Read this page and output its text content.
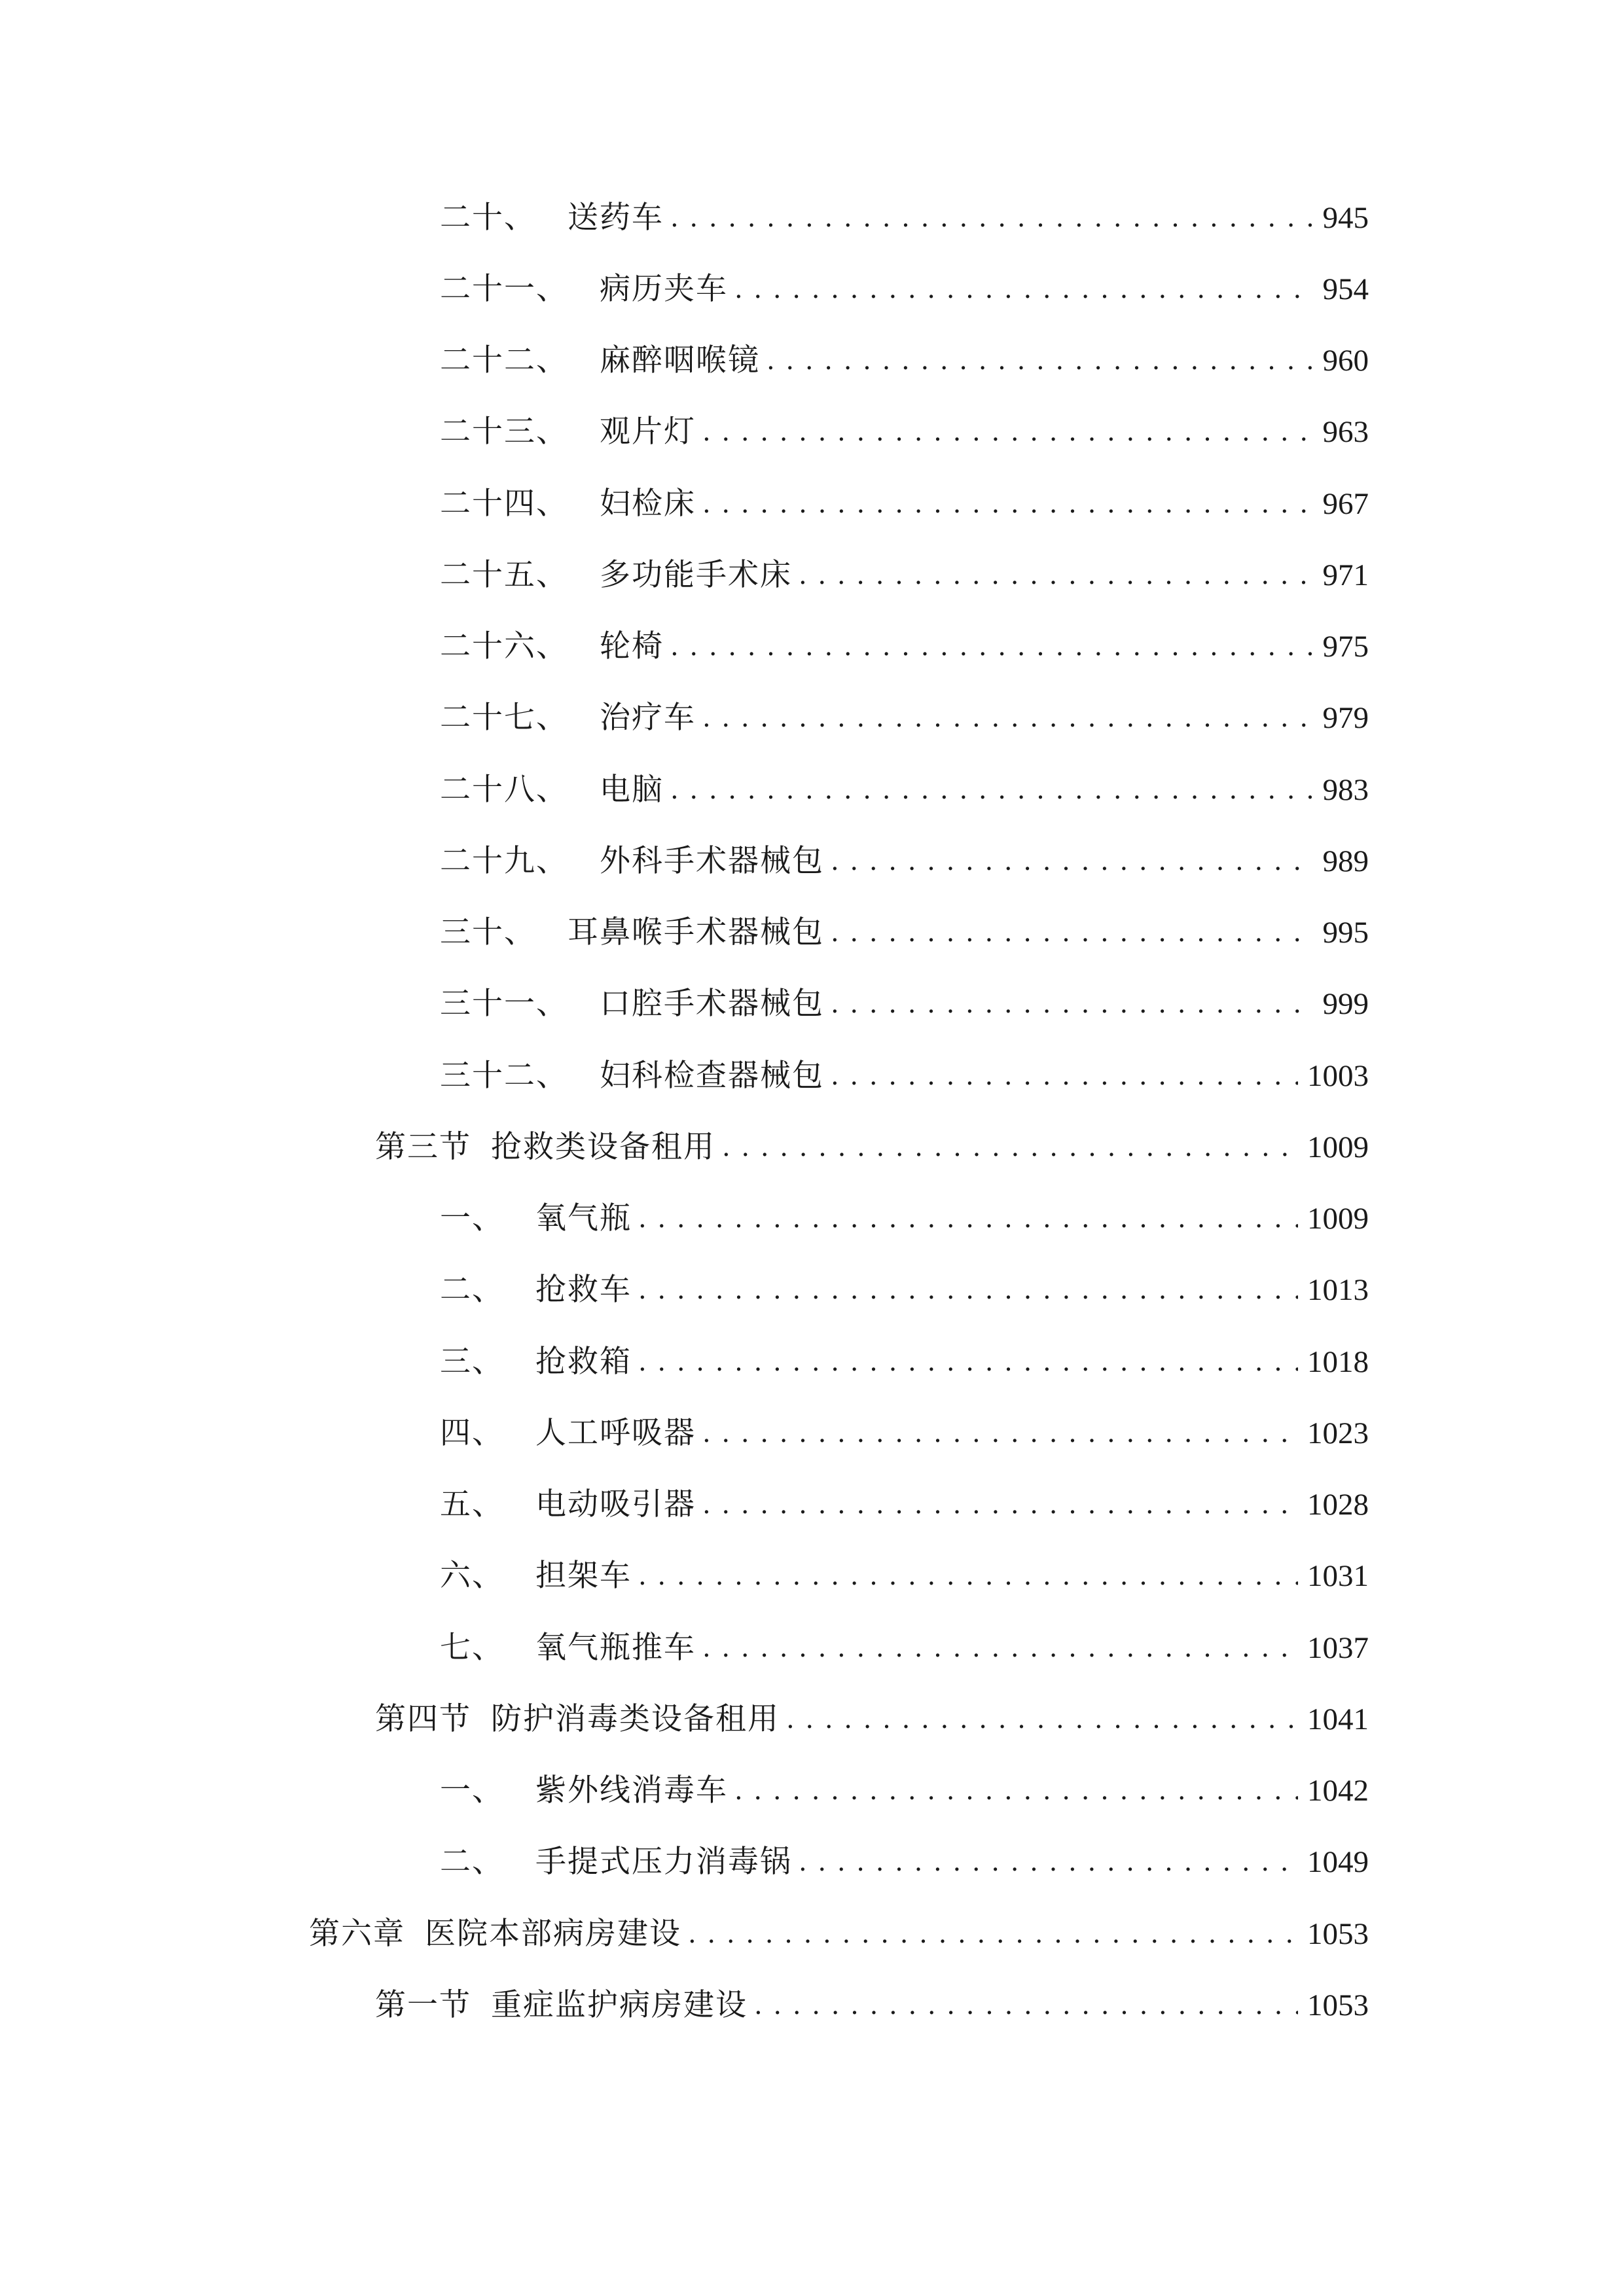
二十、 送药车 . . .	945
二十一、 病历夹车 . . .	954
二十二、 麻醉咽喉镜 . . .	960
二十三、 观片灯 . . .	963
二十四、 妇检床 . . .	967
二十五、 多功能手术床 . . .	971
二十六、 轮椅 . . .	975
二十七、 治疗车 . . .	979
二十八、 电脑 . . .	983
二十九、 外科手术器械包 . . .	989
三十、 耳鼻喉手术器械包 . . .	995
三十一、 口腔手术器械包 . . .	999
三十二、 妇科检查器械包 . . .	1003
第三节 抢救类设备租用 . . .	1009
一、 氧气瓶 . . .	1009
二、 抢救车 . . .	1013
三、 抢救箱 . . .	1018
四、 人工呼吸器 . . .	1023
五、 电动吸引器 . . .	1028
六、 担架车 . . .	1031
七、 氧气瓶推车 . . .	1037
第四节 防护消毒类设备租用 . . .	1041
一、 紫外线消毒车 . . .	1042
二、 手提式压力消毒锅 . . .	1049
第六章 医院本部病房建设 . . .	1053
第一节 重症监护病房建设 . . .	1053
